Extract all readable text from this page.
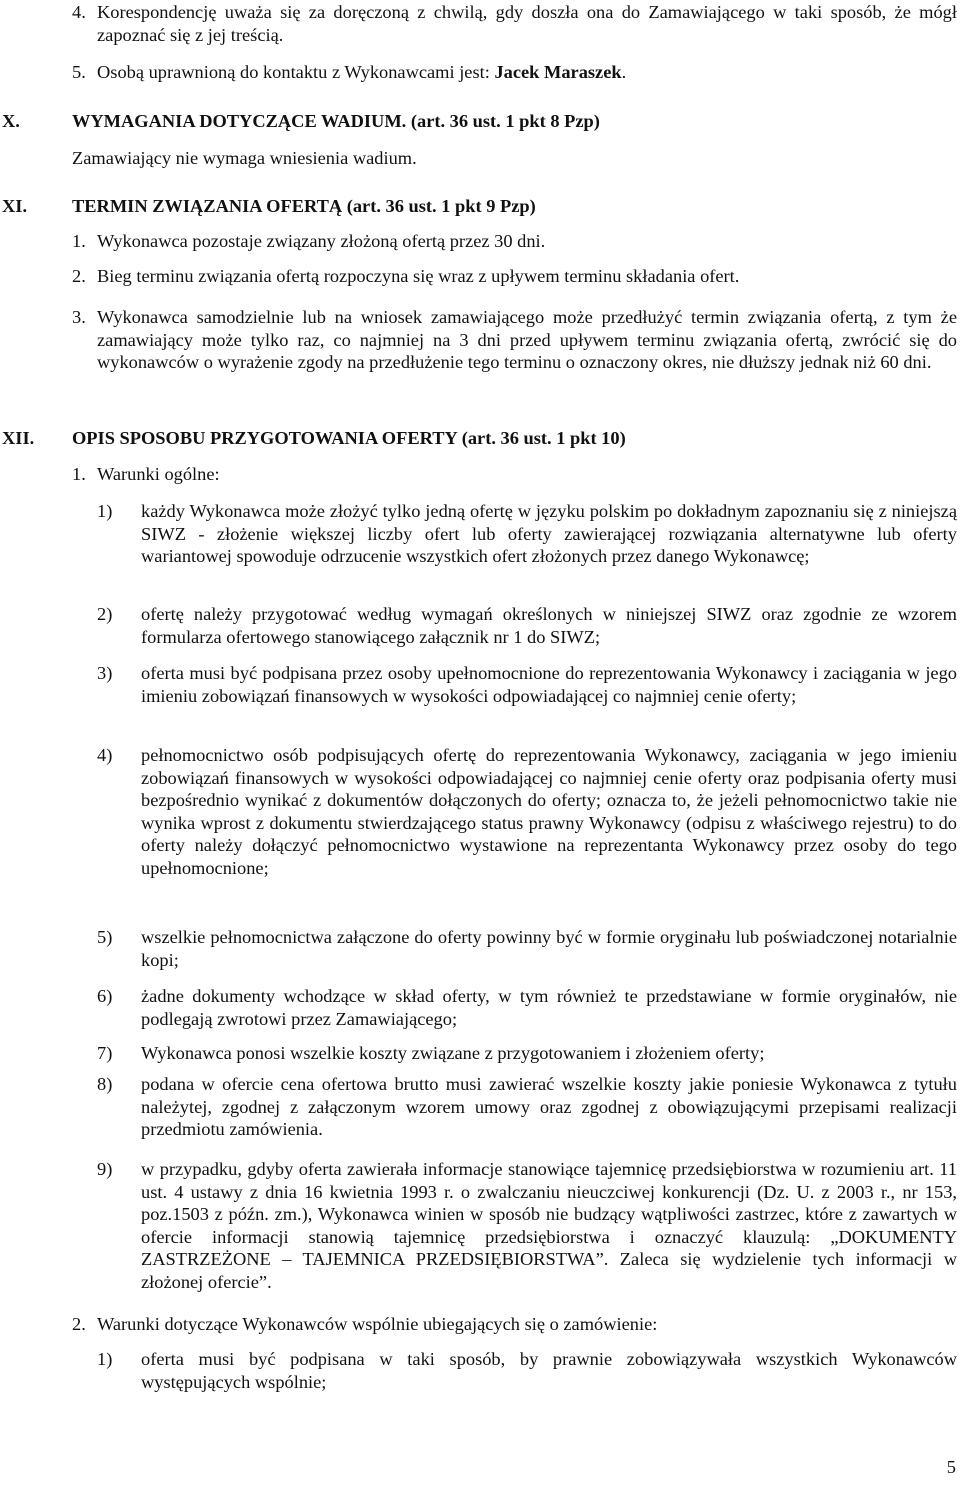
4. Korespondencję uważa się za doręczoną z chwilą, gdy doszła ona do Zamawiającego w taki sposób, że mógł zapoznać się z jej treścią.
5. Osobą uprawnioną do kontaktu z Wykonawcami jest: Jacek Maraszek.
X.	WYMAGANIA DOTYCZĄCE WADIUM. (art. 36 ust. 1 pkt 8 Pzp)
Zamawiający nie wymaga wniesienia wadium.
XI. TERMIN ZWIĄZANIA OFERTĄ (art. 36 ust. 1 pkt 9 Pzp)
1. Wykonawca pozostaje związany złożoną ofertą przez 30 dni.
2. Bieg terminu związania ofertą rozpoczyna się wraz z upływem terminu składania ofert.
3. Wykonawca samodzielnie lub na wniosek zamawiającego może przedłużyć termin związania ofertą, z tym że zamawiający może tylko raz, co najmniej na 3 dni przed upływem terminu związania ofertą, zwrócić się do wykonawców o wyrażenie zgody na przedłużenie tego terminu o oznaczony okres, nie dłuższy jednak niż 60 dni.
XII. OPIS SPOSOBU PRZYGOTOWANIA OFERTY (art. 36 ust. 1 pkt 10)
1. Warunki ogólne:
1) każdy Wykonawca może złożyć tylko jedną ofertę w języku polskim po dokładnym zapoznaniu się z niniejszą SIWZ - złożenie większej liczby ofert lub oferty zawierającej rozwiązania alternatywne lub oferty wariantowej spowoduje odrzucenie wszystkich ofert złożonych przez danego Wykonawcę;
2) ofertę należy przygotować według wymagań określonych w niniejszej SIWZ oraz zgodnie ze wzorem formularza ofertowego stanowiącego załącznik nr 1 do SIWZ;
3) oferta musi być podpisana przez osoby upełnomocnione do reprezentowania Wykonawcy i zaciągania w jego imieniu zobowiązań finansowych w wysokości odpowiadającej co najmniej cenie oferty;
4) pełnomocnictwo osób podpisujących ofertę do reprezentowania Wykonawcy, zaciągania w jego imieniu zobowiązań finansowych w wysokości odpowiadającej co najmniej cenie oferty oraz podpisania oferty musi bezpośrednio wynikać z dokumentów dołączonych do oferty; oznacza to, że jeżeli pełnomocnictwo takie nie wynika wprost z dokumentu stwierdzającego status prawny Wykonawcy (odpisu z właściwego rejestru) to do oferty należy dołączyć pełnomocnictwo wystawione na reprezentanta Wykonawcy przez osoby do tego upełnomocnione;
5) wszelkie pełnomocnictwa załączone do oferty powinny być w formie oryginału lub poświadczonej notarialnie kopi;
6) żadne dokumenty wchodzące w skład oferty, w tym również te przedstawiane w formie oryginałów, nie podlegają zwrotowi przez Zamawiającego;
7) Wykonawca ponosi wszelkie koszty związane z przygotowaniem i złożeniem oferty;
8) podana w ofercie cena ofertowa brutto musi zawierać wszelkie koszty jakie poniesie Wykonawca z tytułu należytej, zgodnej z załączonym wzorem umowy oraz zgodnej z obowiązującymi przepisami realizacji przedmiotu zamówienia.
9) w przypadku, gdyby oferta zawierała informacje stanowiące tajemnicę przedsiębiorstwa w rozumieniu art. 11 ust. 4 ustawy z dnia 16 kwietnia 1993 r. o zwalczaniu nieuczciwej konkurencji (Dz. U. z 2003 r., nr 153, poz.1503 z późn. zm.), Wykonawca winien w sposób nie budzący wątpliwości zastrzec, które z zawartych w ofercie informacji stanowią tajemnicę przedsiębiorstwa i oznaczyć klauzulą: „DOKUMENTY ZASTRZEŻONE – TAJEMNICA PRZEDSIĘBIORSTWA”. Zaleca się wydzielenie tych informacji w złożonej ofercie”.
2. Warunki dotyczące Wykonawców wspólnie ubiegających się o zamówienie:
1) oferta musi być podpisana w taki sposób, by prawnie zobowiązywała wszystkich Wykonawców występujących wspólnie;
5
